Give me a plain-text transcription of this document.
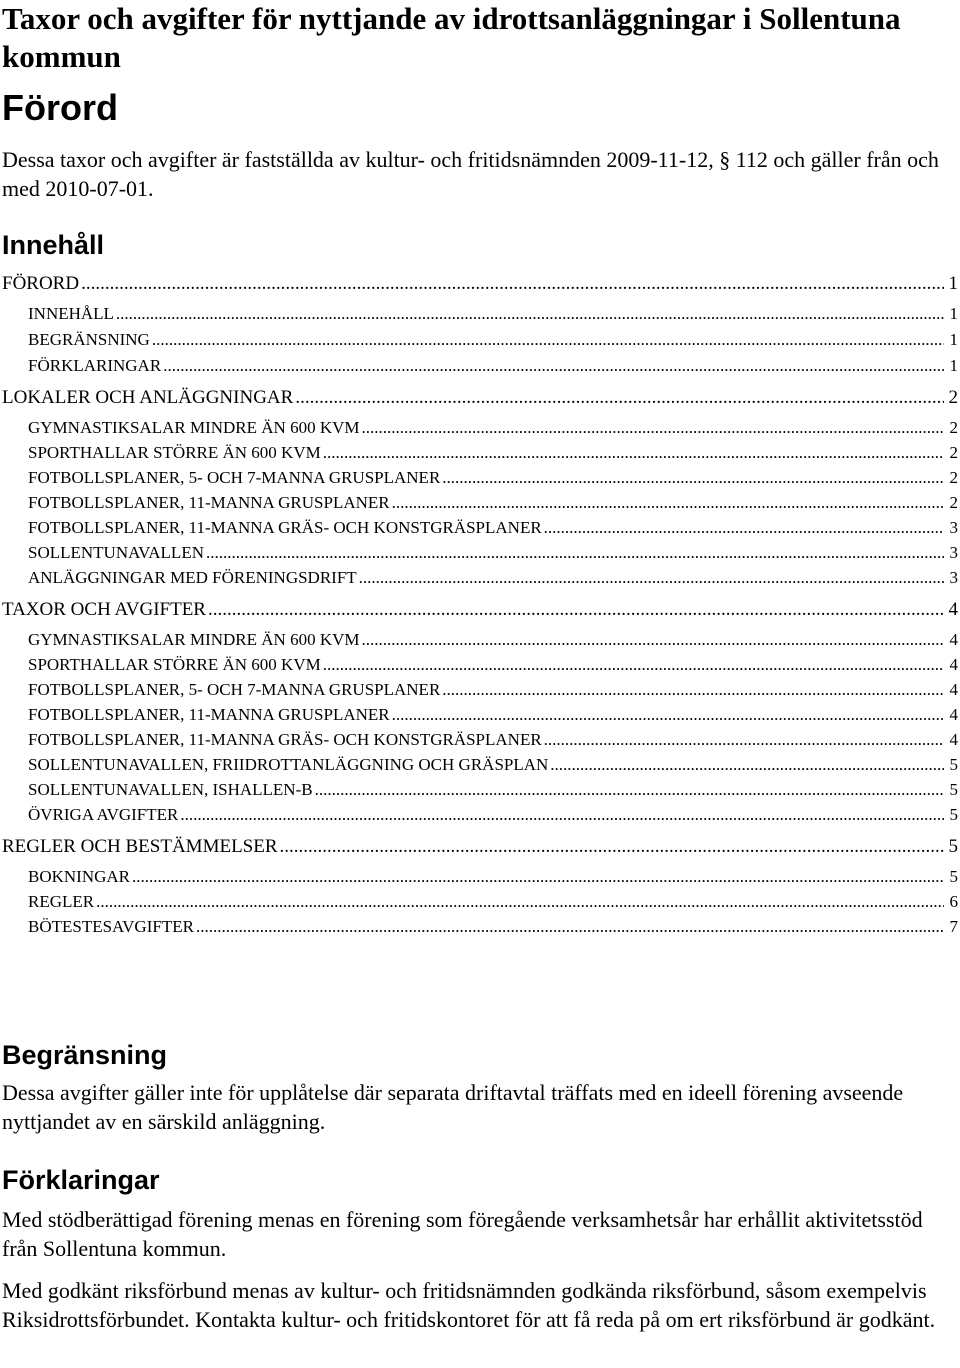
Taxor och avgifter för nyttjande av idrottsanläggningar i Sollentuna kommun
Förord

Dessa taxor och avgifter är fastställda av kultur- och fritidsnämnden 2009-11-12, § 112 och gäller från och med 2010-07-01.

Innehåll
FÖRORD .....	1
INNEHÅLL .....	1
BEGRÄNSNING .....	1
FÖRKLARINGAR .....	1
LOKALER OCH ANLÄGGNINGAR .....	2
GYMNASTIKSALAR MINDRE ÄN 600 KVM .....	2
SPORTHALLAR STÖRRE ÄN 600 KVM .....	2
FOTBOLLSPLANER, 5- OCH 7-MANNA GRUSPLANER .....	2
FOTBOLLSPLANER, 11-MANNA GRUSPLANER .....	2
FOTBOLLSPLANER, 11-MANNA GRÄS- OCH KONSTGRÄSPLANER .....	3
SOLLENTUNAVALLEN .....	3
ANLÄGGNINGAR MED FÖRENINGSDRIFT .....	3
TAXOR OCH AVGIFTER .....	4
GYMNASTIKSALAR MINDRE ÄN 600 KVM .....	4
SPORTHALLAR STÖRRE ÄN 600 KVM .....	4
FOTBOLLSPLANER, 5- OCH 7-MANNA GRUSPLANER .....	4
FOTBOLLSPLANER, 11-MANNA GRUSPLANER .....	4
FOTBOLLSPLANER, 11-MANNA GRÄS- OCH KONSTGRÄSPLANER .....	4
SOLLENTUNAVALLEN, FRIIDROTTANLÄGGNING OCH GRÄSPLAN .....	5
SOLLENTUNAVALLEN, ISHALLEN-B .....	5
ÖVRIGA AVGIFTER .....	5
REGLER OCH BESTÄMMELSER .....	5
BOKNINGAR .....	5
REGLER .....	6
BÖTESTESAVGIFTER .....	7
Begränsning

Dessa avgifter gäller inte för upplåtelse där separata driftavtal träffats med en ideell förening avseende nyttjandet av en särskild anläggning.

Förklaringar

Med stödberättigad förening menas en förening som föregående verksamhetsår har erhållit aktivitetsstöd från Sollentuna kommun.

Med godkänt riksförbund menas av kultur- och fritidsnämnden godkända riksförbund, såsom exempelvis Riksidrottsförbundet. Kontakta kultur- och fritidskontoret för att få reda på om ert riksförbund är godkänt.
